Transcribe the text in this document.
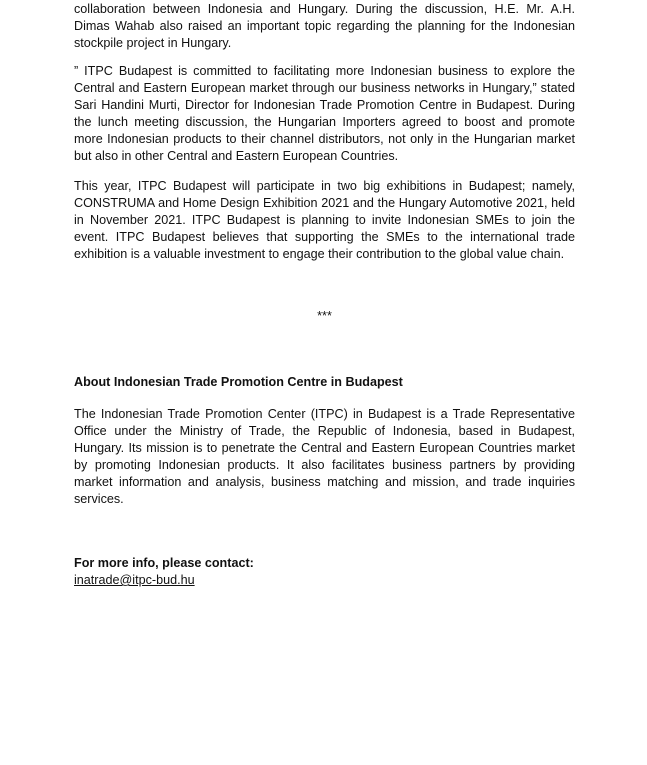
collaboration between Indonesia and Hungary. During the discussion, H.E. Mr. A.H. Dimas Wahab also raised an important topic regarding the planning for the Indonesian stockpile project in Hungary.

” ITPC Budapest is committed to facilitating more Indonesian business to explore the Central and Eastern European market through our business networks in Hungary,” stated Sari Handini Murti, Director for Indonesian Trade Promotion Centre in Budapest. During the lunch meeting discussion, the Hungarian Importers agreed to boost and promote more Indonesian products to their channel distributors, not only in the Hungarian market but also in other Central and Eastern European Countries.

This year, ITPC Budapest will participate in two big exhibitions in Budapest; namely, CONSTRUMA and Home Design Exhibition 2021 and the Hungary Automotive 2021, held in November 2021. ITPC Budapest is planning to invite Indonesian SMEs to join the event. ITPC Budapest believes that supporting the SMEs to the international trade exhibition is a valuable investment to engage their contribution to the global value chain.

***
About Indonesian Trade Promotion Centre in Budapest

The Indonesian Trade Promotion Center (ITPC) in Budapest is a Trade Representative Office under the Ministry of Trade, the Republic of Indonesia, based in Budapest, Hungary. Its mission is to penetrate the Central and Eastern European Countries market by promoting Indonesian products. It also facilitates business partners by providing market information and analysis, business matching and mission, and trade inquiries services.

For more info, please contact:
inatrade@itpc-bud.hu
